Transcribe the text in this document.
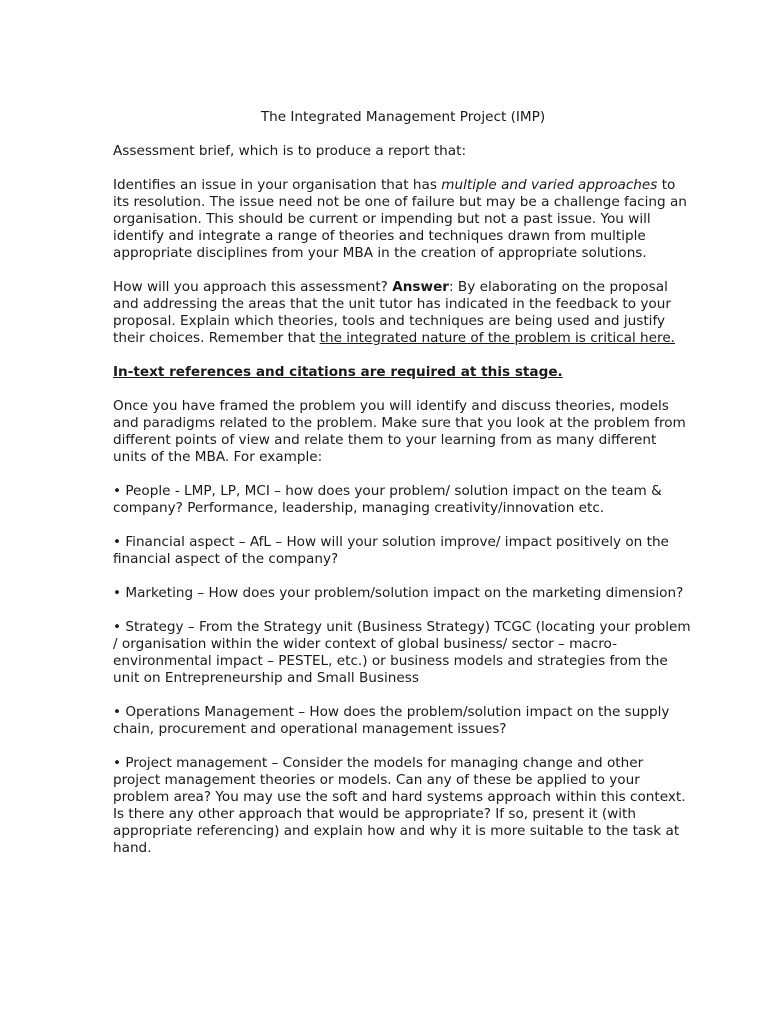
The Integrated Management Project (IMP)

Assessment brief, which is to produce a report that:

Identifies an issue in your organisation that has multiple and varied approaches to its resolution. The issue need not be one of failure but may be a challenge facing an organisation. This should be current or impending but not a past issue. You will identify and integrate a range of theories and techniques drawn from multiple appropriate disciplines from your MBA in the creation of appropriate solutions.

How will you approach this assessment? Answer: By elaborating on the proposal and addressing the areas that the unit tutor has indicated in the feedback to your proposal. Explain which theories, tools and techniques are being used and justify their choices. Remember that the integrated nature of the problem is critical here.

In-text references and citations are required at this stage.

Once you have framed the problem you will identify and discuss theories, models and paradigms related to the problem. Make sure that you look at the problem from different points of view and relate them to your learning from as many different units of the MBA. For example:

• People - LMP, LP, MCI – how does your problem/ solution impact on the team & company? Performance, leadership, managing creativity/innovation etc.

• Financial aspect – AfL – How will your solution improve/ impact positively on the financial aspect of the company?

• Marketing – How does your problem/solution impact on the marketing dimension?

• Strategy – From the Strategy unit (Business Strategy) TCGC (locating your problem / organisation within the wider context of global business/ sector – macro-environmental impact – PESTEL, etc.) or business models and strategies from the unit on Entrepreneurship and Small Business

• Operations Management – How does the problem/solution impact on the supply chain, procurement and operational management issues?

• Project management – Consider the models for managing change and other project management theories or models. Can any of these be applied to your problem area? You may use the soft and hard systems approach within this context. Is there any other approach that would be appropriate? If so, present it (with appropriate referencing) and explain how and why it is more suitable to the task at hand.
